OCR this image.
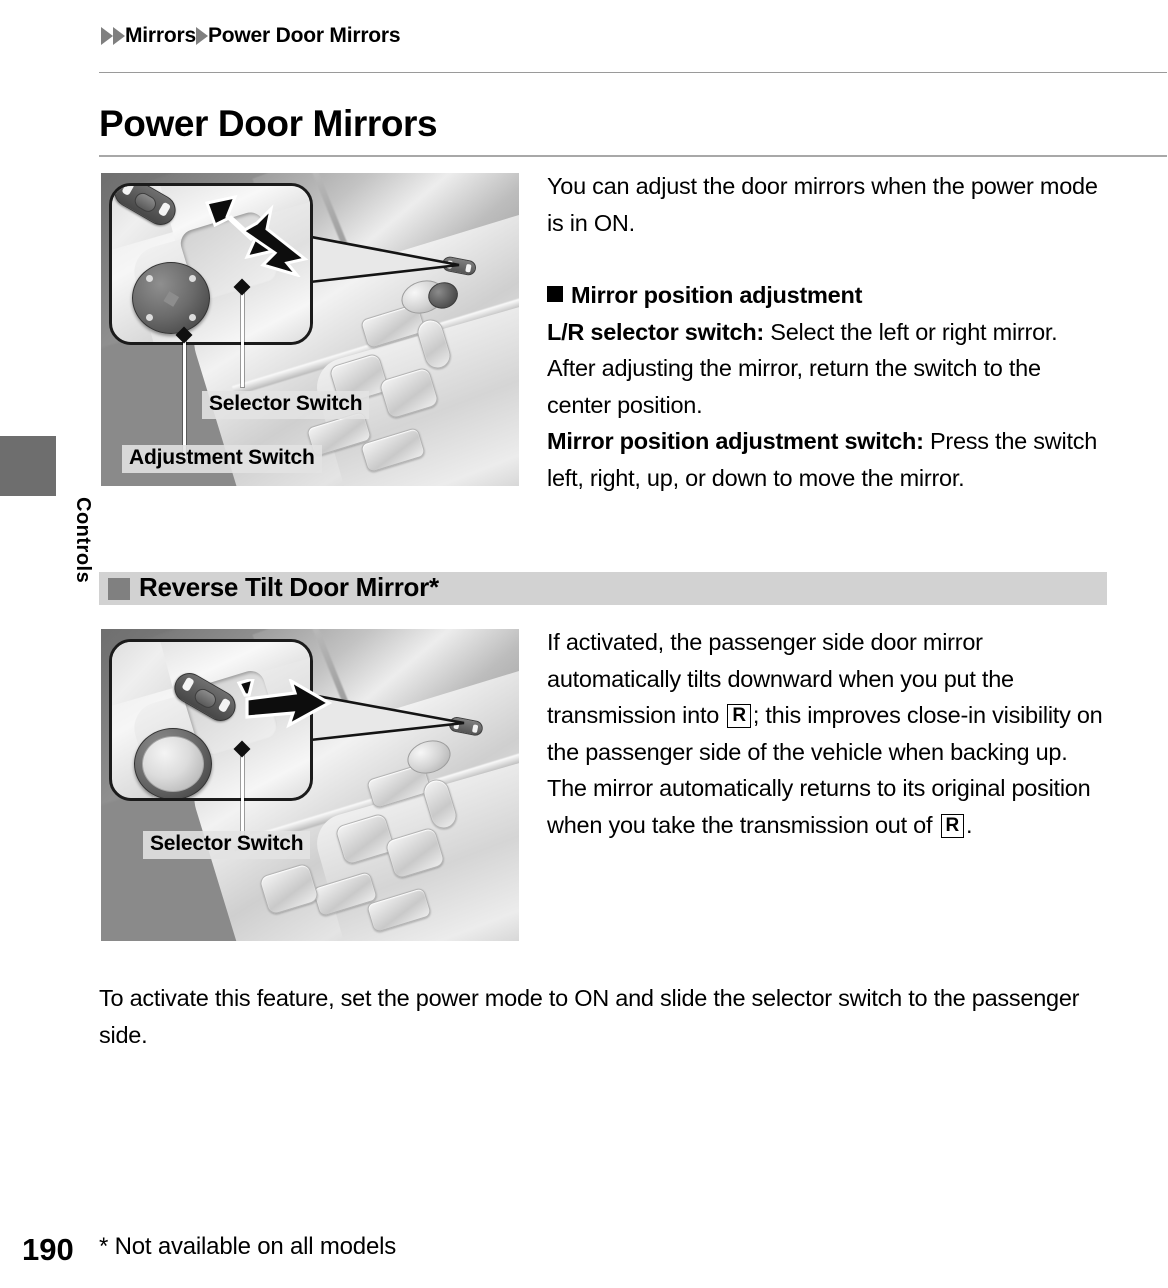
Mirrors Power Door Mirrors
Power Door Mirrors
Controls
◆
Selector Switch
Adjustment Switch

You can adjust the door mirrors when the power mode is in ON.

Mirror position adjustment

L/R selector switch: Select the left or right mirror. After adjusting the mirror, return the switch to the center position.

Mirror position adjustment switch: Press the switch left, right, up, or down to move the mirror.

Reverse Tilt Door Mirror*
Selector Switch

If activated, the passenger side door mirror automatically tilts downward when you put the transmission into R ; this improves close-in visibility on the passenger side of the vehicle when backing up. The mirror automatically returns to its original position when you take the transmission out of R .

To activate this feature, set the power mode to ON and slide the selector switch to the passenger side.
190 * Not available on all models
